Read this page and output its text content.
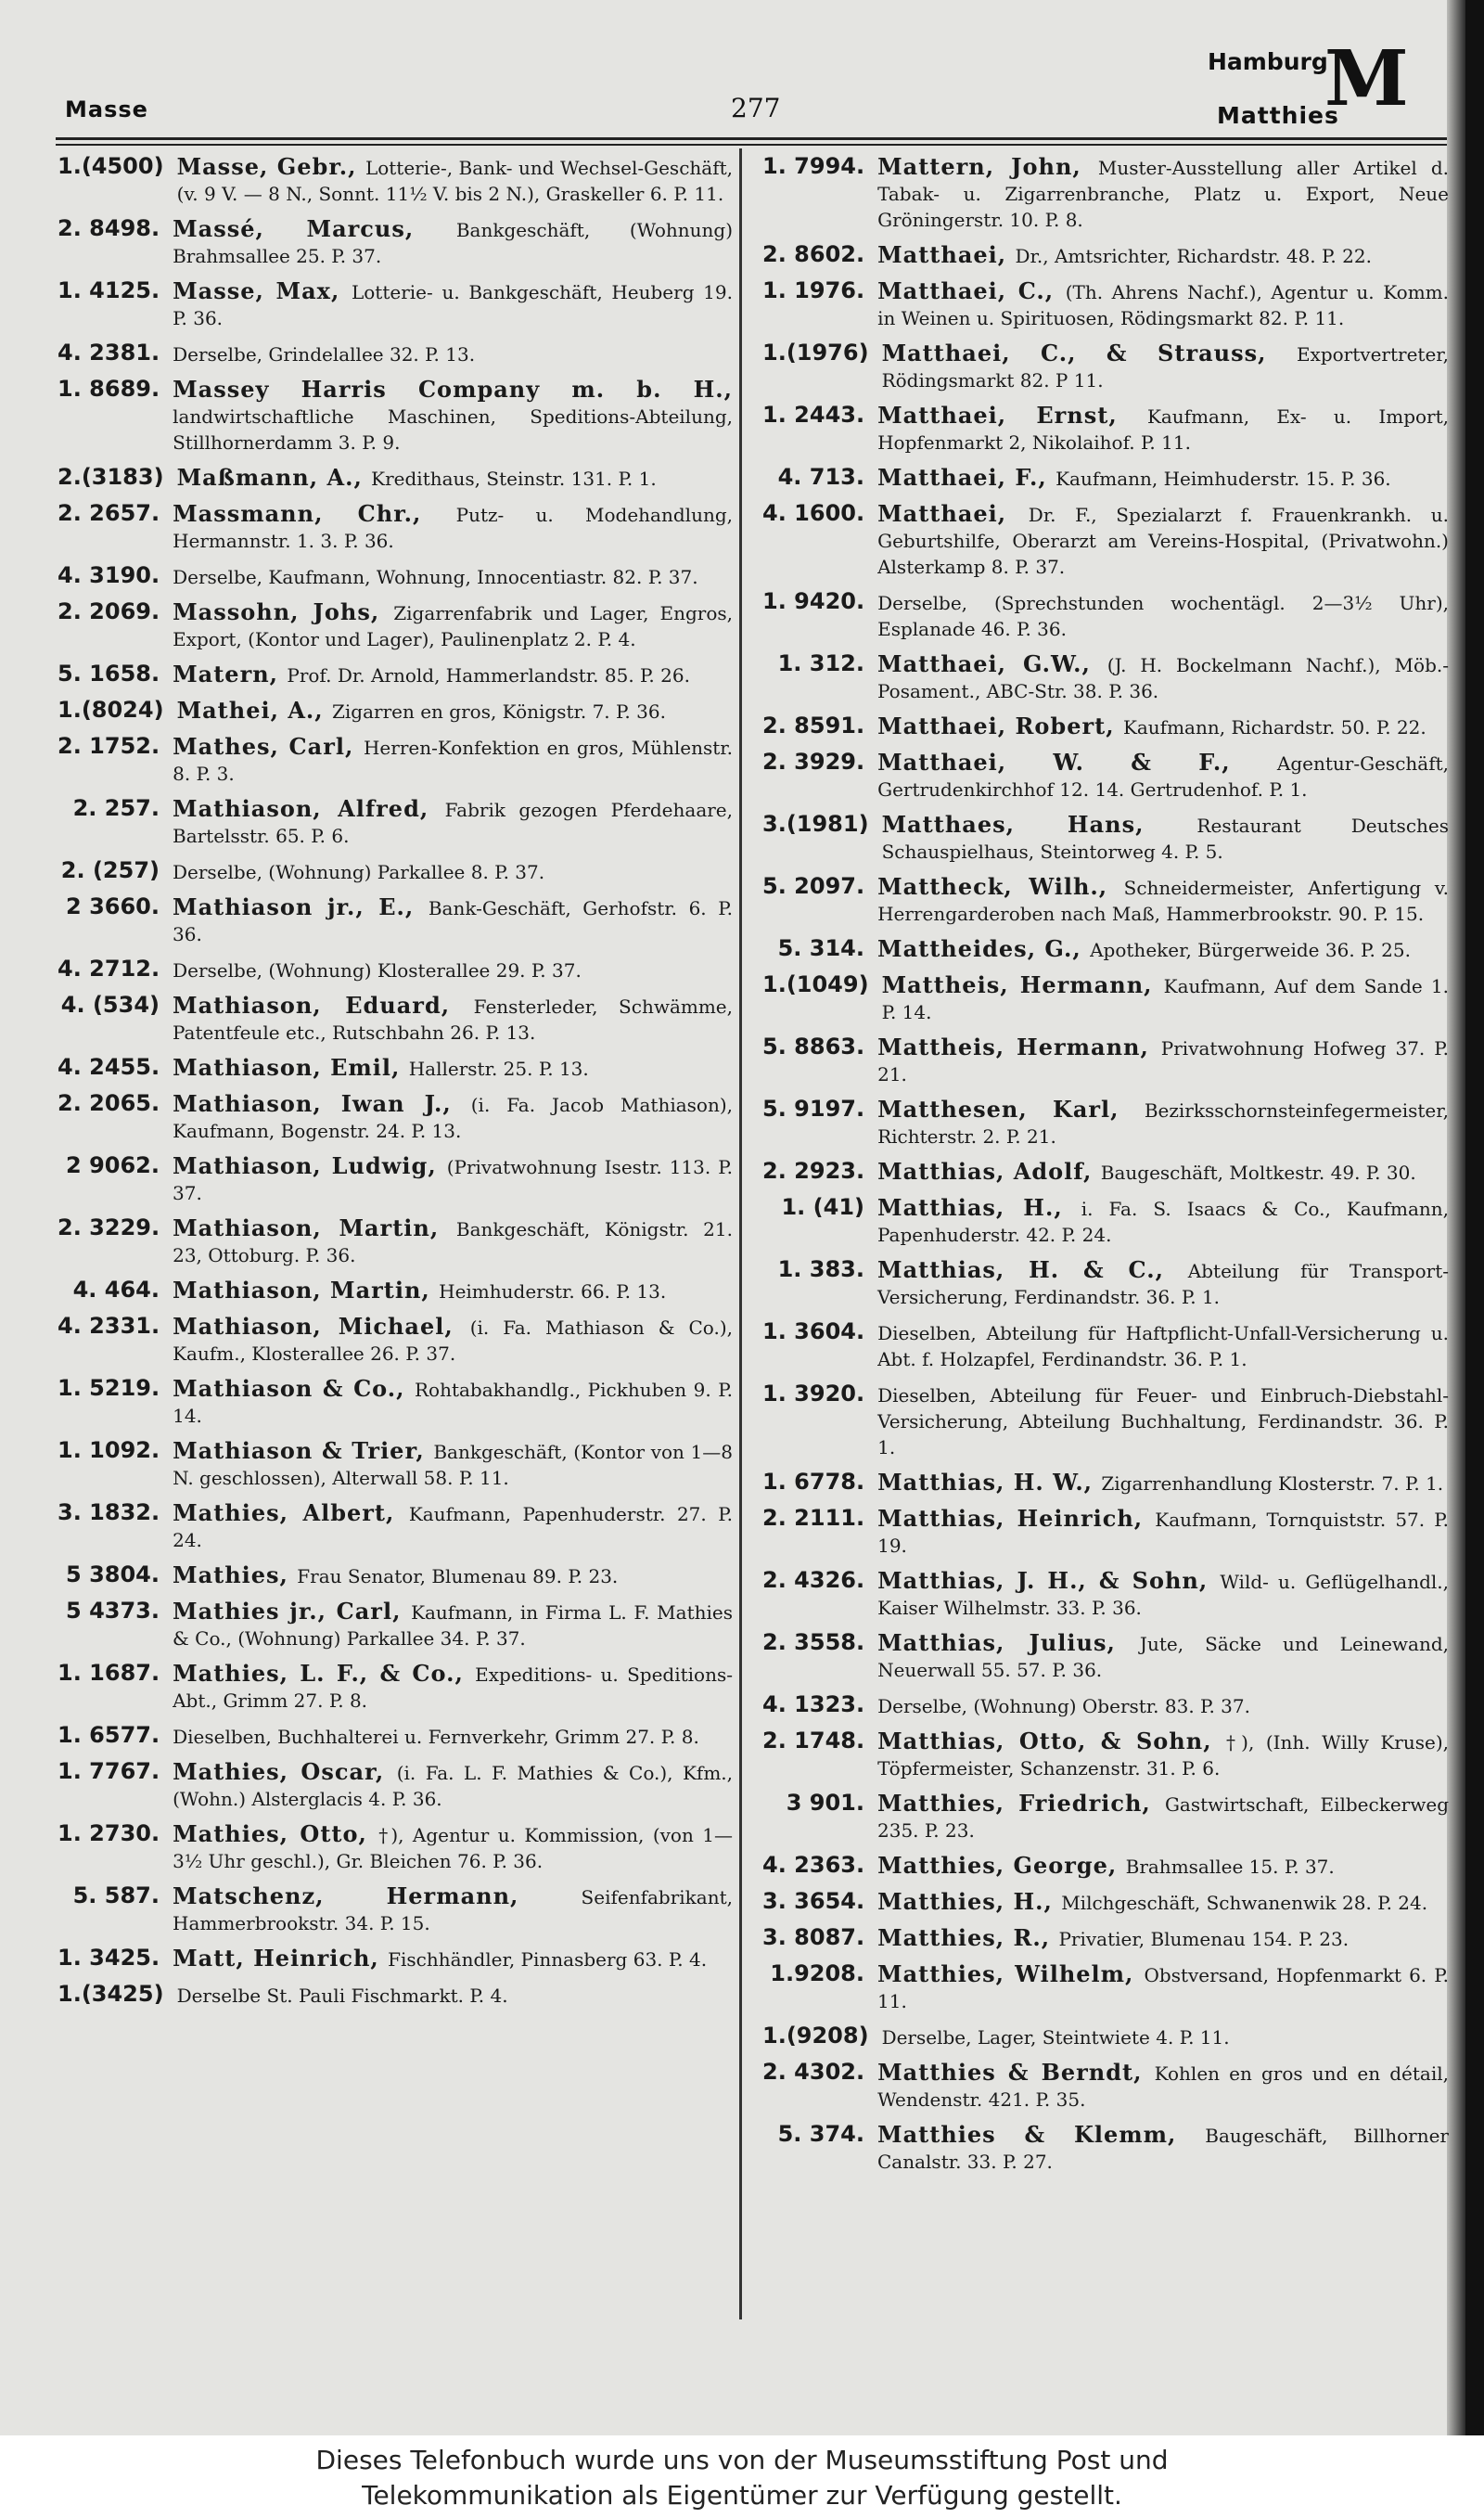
Masse	277
Hamburg
Matthies
M
1.(4500) Masse, Gebr., Lotterie-, Bank- und Wechsel-Geschäft, (v. 9 V. — 8 N., Sonnt. 11½ V. bis 2 N.), Graskeller 6. P. 11.
2. 8498. Massé, Marcus, Bankgeschäft, (Wohnung) Brahmsallee 25. P. 37.
1. 4125. Masse, Max, Lotterie- u. Bankgeschäft, Heuberg 19. P. 36.
4. 2381. Derselbe, Grindelallee 32. P. 13.
1. 8689. Massey Harris Company m. b. H., landwirtschaftliche Maschinen, Speditions-Abteilung, Stillhornerdamm 3. P. 9.
2.(3183) Maßmann, A., Kredithaus, Steinstr. 131. P. 1.
2. 2657. Massmann, Chr., Putz- u. Modehandlung, Hermannstr. 1. 3. P. 36.
4. 3190. Derselbe, Kaufmann, Wohnung, Innocentiastr. 82. P. 37.
2. 2069. Massohn, Johs, Zigarrenfabrik und Lager, Engros, Export, (Kontor und Lager), Paulinenplatz 2. P. 4.
5. 1658. Matern, Prof. Dr. Arnold, Hammerlandstr. 85. P. 26.
1.(8024) Mathei, A., Zigarren en gros, Königstr. 7. P. 36.
2. 1752. Mathes, Carl, Herren-Konfektion en gros, Mühlenstr. 8. P. 3.
2. 257. Mathiason, Alfred, Fabrik gezogen Pferdehaare, Bartelsstr. 65. P. 6.
2. (257) Derselbe, (Wohnung) Parkallee 8. P. 37.
2 3660. Mathiason jr., E., Bank-Geschäft, Gerhofstr. 6. P. 36.
4. 2712. Derselbe, (Wohnung) Klosterallee 29. P. 37.
4. (534) Mathiason, Eduard, Fensterleder, Schwämme, Patentfeule etc., Rutschbahn 26. P. 13.
4. 2455. Mathiason, Emil, Hallerstr. 25. P. 13.
2. 2065. Mathiason, Iwan J., (i. Fa. Jacob Mathiason), Kaufmann, Bogenstr. 24. P. 13.
2 9062. Mathiason, Ludwig, (Privatwohnung Isestr. 113. P. 37.
2. 3229. Mathiason, Martin, Bankgeschäft, Königstr. 21. 23, Ottoburg. P. 36.
4. 464. Mathiason, Martin, Heimhuderstr. 66. P. 13.
4. 2331. Mathiason, Michael, (i. Fa. Mathiason & Co.), Kaufm., Klosterallee 26. P. 37.
1. 5219. Mathiason & Co., Rohtabakhandlg., Pickhuben 9. P. 14.
1. 1092. Mathiason & Trier, Bankgeschäft, (Kontor von 1—8 N. geschlossen), Alterwall 58. P. 11.
3. 1832. Mathies, Albert, Kaufmann, Papenhuderstr. 27. P. 24.
5 3804. Mathies, Frau Senator, Blumenau 89. P. 23.
5 4373. Mathies jr., Carl, Kaufmann, in Firma L. F. Mathies & Co., (Wohnung) Parkallee 34. P. 37.
1. 1687. Mathies, L. F., & Co., Expeditions- u. Speditions-Abt., Grimm 27. P. 8.
1. 6577. Dieselben, Buchhalterei u. Fernverkehr, Grimm 27. P. 8.
1. 7767. Mathies, Oscar, (i. Fa. L. F. Mathies & Co.), Kfm., (Wohn.) Alsterglacis 4. P. 36.
1. 2730. Mathies, Otto, †), Agentur u. Kommission, (von 1—3½ Uhr geschl.), Gr. Bleichen 76. P. 36.
5. 587. Matschenz, Hermann, Seifenfabrikant, Hammerbrookstr. 34. P. 15.
1. 3425. Matt, Heinrich, Fischhändler, Pinnasberg 63. P. 4.
1.(3425) Derselbe St. Pauli Fischmarkt. P. 4.
1. 7994. Mattern, John, Muster-Ausstellung aller Artikel d. Tabak- u. Zigarrenbranche, Platz u. Export, Neue Gröningerstr. 10. P. 8.
2. 8602. Matthaei, Dr., Amtsrichter, Richardstr. 48. P. 22.
1. 1976. Matthaei, C., (Th. Ahrens Nachf.), Agentur u. Komm. in Weinen u. Spirituosen, Rödingsmarkt 82. P. 11.
1.(1976) Matthaei, C., & Strauss, Exportvertreter, Rödingsmarkt 82. P 11.
1. 2443. Matthaei, Ernst, Kaufmann, Ex- u. Import, Hopfenmarkt 2, Nikolaihof. P. 11.
4. 713. Matthaei, F., Kaufmann, Heimhuderstr. 15. P. 36.
4. 1600. Matthaei, Dr. F., Spezialarzt f. Frauenkrankh. u. Geburtshilfe, Oberarzt am Vereins-Hospital, (Privatwohn.) Alsterkamp 8. P. 37.
1. 9420. Derselbe, (Sprechstunden wochentägl. 2—3½ Uhr), Esplanade 46. P. 36.
1. 312. Matthaei, G.W., (J. H. Bockelmann Nachf.), Möb.-Posament., ABC-Str. 38. P. 36.
2. 8591. Matthaei, Robert, Kaufmann, Richardstr. 50. P. 22.
2. 3929. Matthaei, W. & F., Agentur-Geschäft, Gertrudenkirchhof 12. 14. Gertrudenhof. P. 1.
3.(1981) Matthaes, Hans, Restaurant Deutsches Schauspielhaus, Steintorweg 4. P. 5.
5. 2097. Mattheck, Wilh., Schneidermeister, Anfertigung v. Herrengarderoben nach Maß, Hammerbrookstr. 90. P. 15.
5. 314. Mattheides, G., Apotheker, Bürgerweide 36. P. 25.
1.(1049) Mattheis, Hermann, Kaufmann, Auf dem Sande 1. P. 14.
5. 8863. Mattheis, Hermann, Privatwohnung Hofweg 37. P. 21.
5. 9197. Matthesen, Karl, Bezirksschornsteinfegermeister, Richterstr. 2. P. 21.
2. 2923. Matthias, Adolf, Baugeschäft, Moltkestr. 49. P. 30.
1. (41) Matthias, H., i. Fa. S. Isaacs & Co., Kaufmann, Papenhuderstr. 42. P. 24.
1. 383. Matthias, H. & C., Abteilung für Transport-Versicherung, Ferdinandstr. 36. P. 1.
1. 3604. Dieselben, Abteilung für Haftpflicht-Unfall-Versicherung u. Abt. f. Holzapfel, Ferdinandstr. 36. P. 1.
1. 3920. Dieselben, Abteilung für Feuer- und Einbruch-Diebstahl-Versicherung, Abteilung Buchhaltung, Ferdinandstr. 36. P. 1.
1. 6778. Matthias, H. W., Zigarrenhandlung Klosterstr. 7. P. 1.
2. 2111. Matthias, Heinrich, Kaufmann, Tornquiststr. 57. P. 19.
2. 4326. Matthias, J. H., & Sohn, Wild- u. Geflügelhandl., Kaiser Wilhelmstr. 33. P. 36.
2. 3558. Matthias, Julius, Jute, Säcke und Leinewand, Neuerwall 55. 57. P. 36.
4. 1323. Derselbe, (Wohnung) Oberstr. 83. P. 37.
2. 1748. Matthias, Otto, & Sohn, †), (Inh. Willy Kruse), Töpfermeister, Schanzenstr. 31. P. 6.
3 901. Matthies, Friedrich, Gastwirtschaft, Eilbeckerweg 235. P. 23.
4. 2363. Matthies, George, Brahmsallee 15. P. 37.
3. 3654. Matthies, H., Milchgeschäft, Schwanenwik 28. P. 24.
3. 8087. Matthies, R., Privatier, Blumenau 154. P. 23.
1.9208. Matthies, Wilhelm, Obstversand, Hopfenmarkt 6. P. 11.
1.(9208) Derselbe, Lager, Steintwiete 4. P. 11.
2. 4302. Matthies & Berndt, Kohlen en gros und en détail, Wendenstr. 421. P. 35.
5. 374. Matthies & Klemm, Baugeschäft, Billhorner Canalstr. 33. P. 27.
Dieses Telefonbuch wurde uns von der Museumsstiftung Post und
Telekommunikation als Eigentümer zur Verfügung gestellt.
